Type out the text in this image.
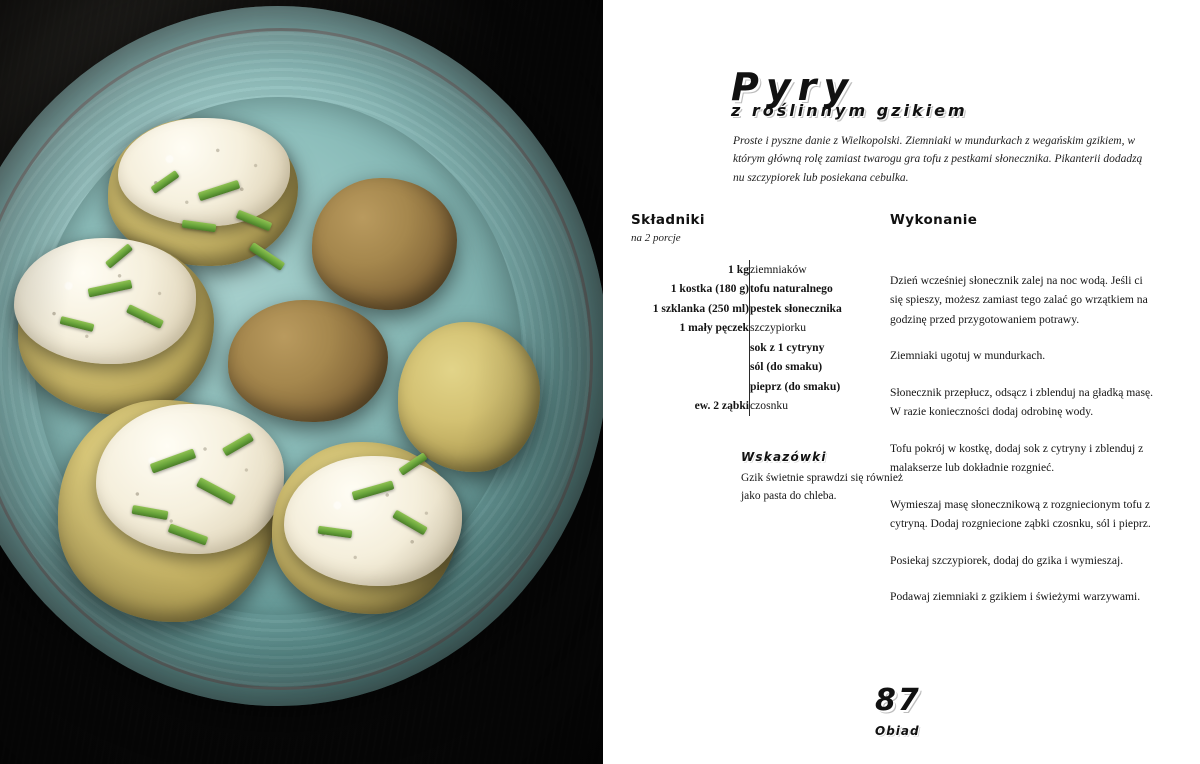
Pyry
z roślinnym gzikiem

Proste i pyszne danie z Wielkopolski. Ziemniaki w mundurkach z wegańskim gzikiem, w którym główną rolę zamiast twarogu gra tofu z pestkami słonecznika. Pikanterii dodadzą nu szczypiorek lub posiekana cebulka.

Składniki
na 2 porcje
1 kg	ziemniaków
1 kostka (180 g)	tofu naturalnego
1 szklanka (250 ml)	pestek słonecznika
1 mały pęczek	szczypiorku
	sok z 1 cytryny
	sól (do smaku)
	pieprz (do smaku)
ew. 2 ząbki	czosnku
Wskazówki
Gzik świetnie sprawdzi się również jako pasta do chleba.
Wykonanie

Dzień wcześniej słonecznik zalej na noc wodą. Jeśli ci się spieszy, możesz zamiast tego zalać go wrzątkiem na godzinę przed przygotowaniem potrawy.

Ziemniaki ugotuj w mundurkach.

Słonecznik przepłucz, odsącz i zblenduj na gładką masę. W razie konieczności dodaj odrobinę wody.

Tofu pokrój w kostkę, dodaj sok z cytryny i zblenduj z malakserze lub dokładnie rozgnieć.

Wymieszaj masę słonecznikową z rozgniecionym tofu z cytryną. Dodaj rozgniecione ząbki czosnku, sól i pieprz.

Posiekaj szczypiorek, dodaj do gzika i wymieszaj.

Podawaj ziemniaki z gzikiem i świeżymi warzywami.

87
Obiad
